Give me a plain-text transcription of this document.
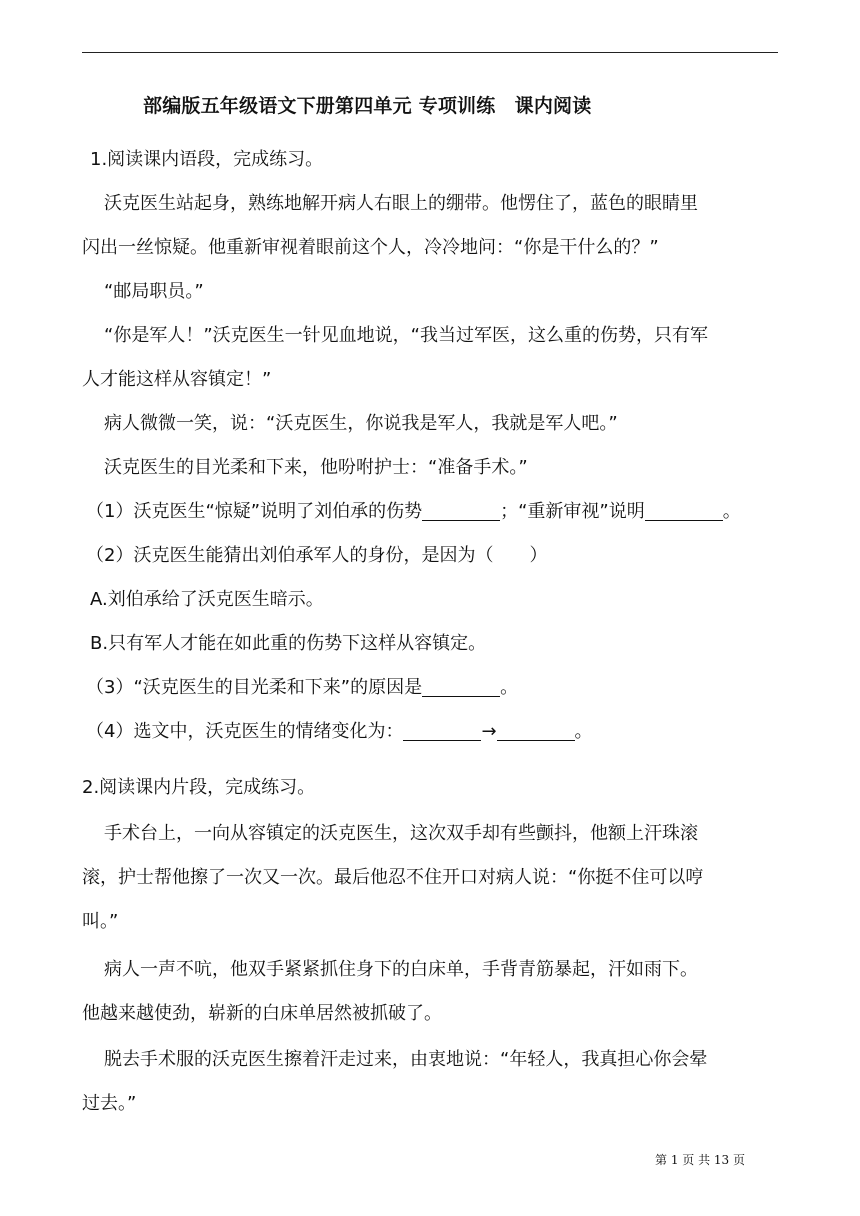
部编版五年级语文下册第四单元 专项训练　课内阅读
1.阅读课内语段，完成练习。
沃克医生站起身，熟练地解开病人右眼上的绷带。他愣住了，蓝色的眼睛里
闪出一丝惊疑。他重新审视着眼前这个人，冷冷地问：“你是干什么的？”
“邮局职员。”
“你是军人！”沃克医生一针见血地说，“我当过军医，这么重的伤势，只有军
人才能这样从容镇定！”
病人微微一笑，说：“沃克医生，你说我是军人，我就是军人吧。”
沃克医生的目光柔和下来，他吩咐护士：“准备手术。”
（1）沃克医生“惊疑”说明了刘伯承的伤势	；“重新审视”说明	。
（2）沃克医生能猜出刘伯承军人的身份，是因为（　　）
A.刘伯承给了沃克医生暗示。
B.只有军人才能在如此重的伤势下这样从容镇定。
（3）“沃克医生的目光柔和下来”的原因是	。
（4）选文中，沃克医生的情绪变化为：	→	。
2.阅读课内片段，完成练习。
手术台上，一向从容镇定的沃克医生，这次双手却有些颤抖，他额上汗珠滚
滚，护士帮他擦了一次又一次。最后他忍不住开口对病人说：“你挺不住可以哼
叫。”
病人一声不吭，他双手紧紧抓住身下的白床单，手背青筋暴起，汗如雨下。
他越来越使劲，崭新的白床单居然被抓破了。
脱去手术服的沃克医生擦着汗走过来，由衷地说：“年轻人，我真担心你会晕
过去。”
第 1 页 共 13 页
